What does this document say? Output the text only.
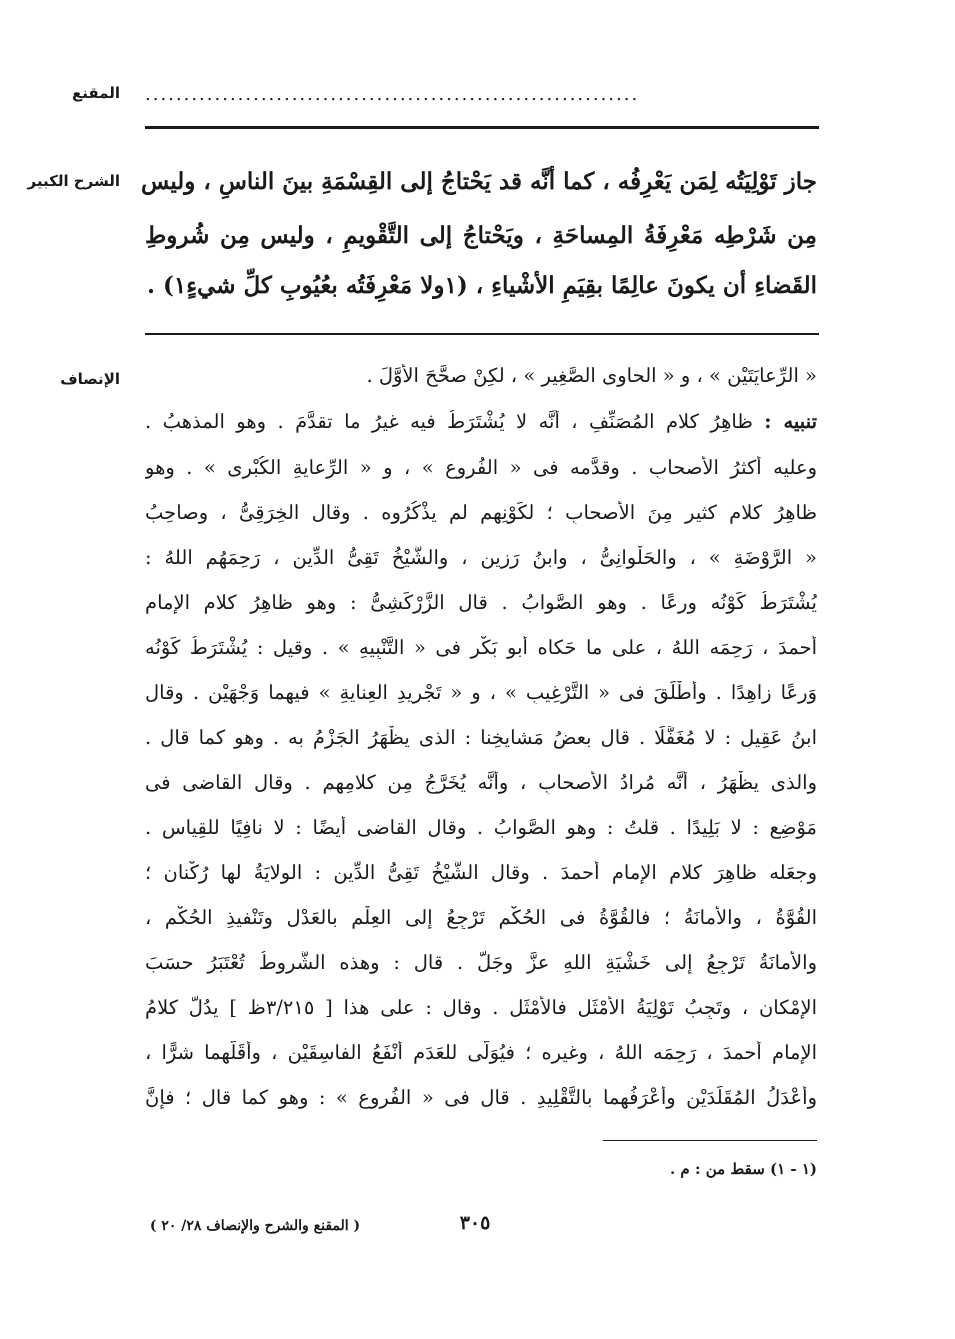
المقنع ................................................................
الشرح الكبير جاز تَوْلِيَتُه لِمَن يَعْرِفُه ، كما أنَّه قد يَحْتاجُ إلى القِسْمَةِ بينَ الناسِ ، وليس
مِن شَرْطِه مَعْرِفَةُ المِساحَةِ ، ويَحْتاجُ إلى التَّقْويمِ ، وليس مِن شُروطِ
القَضاءِ أن يكونَ عالِمًا بقِيَمِ الأشْياءِ ، (١ولا مَعْرِفَتُه بعُيُوبِ كلِّ شيءٍ١) .
الإنصاف	« الرِّعايَتَيْن » ، و « الحاوِى الصَّغِيرِ » ، لكِنْ صحَّحَ الأوَّلَ .
تنبيه : ظاهِرُ كلامِ المُصَنِّفِ ، أنَّه لا يُشْتَرَطُ فيه غيرُ ما تقدَّمَ . وهو المذهبُ .
وعليه أكثرُ الأصحابِ . وقدَّمه فى « الفُروعِ » ، و « الرِّعايةِ الكُبْرى » . وهو
ظاهِرُ كلامِ كثيرٍ مِنَ الأصحابِ ؛ لكَوْنِهم لم يذْكُرُوه . وقال الخِرَقِىُّ ، وصاحِبُ
« الرَّوْضَةِ » ، والحَلْوانِىُّ ، وابنُ رَزِينٍ ، والشَّيْخُ تَقِىُّ الدِّينِ ، رَحِمَهُم اللهُ :
يُشْتَرَطُ كَوْنُه ورِعًا . وهو الصَّوابُ . قال الزَّرْكَشِىُّ : وهو ظاهِرُ كلامِ الإمامِ
أحمدَ ، رَحِمَه اللهُ ، على ما حَكاه أبو بَكْرٍ فى « التَّنْبِيهِ » . وقيل : يُشْتَرَطُ كَوْنُه
وَرِعًا زاهِدًا . وأَطْلَقَ فى « التَّرْغِيبِ » ، و « تَجْريدِ العِنايةِ » فيهما وَجْهَيْن . وقال
ابنُ عَقِيلٍ : لا مُغَفَّلًا . قال بعضُ مَشايخِنا : الذى يظْهَرُ الجَزْمُ به . وهو كما قال .
والذى يظْهَرُ ، أنَّه مُرادُ الأصحابِ ، وأنَّه يُخَرَّجُ مِن كلامِهم . وقال القاضى فى
مَوْضِعٍ : لا بَلِيدًا . قلتُ : وهو الصَّوابُ . وقال القاضى أيضًا : لا نافِيًا للقِياسِ .
وجعَله ظاهِرَ كلامِ الإمامِ أحمدَ . وقال الشَّيْخُ تَقِىُّ الدِّينِ : الوِلايَةُ لها رُكْنان ؛
القُوَّةُ ، والأمانَةُ ؛ فالقُوَّةُ فى الحُكْمِ تَرْجِعُ إلى العِلْمِ بالعَدْلِ وتَنْفيذِ الحُكْمِ ،
والأمانَةُ تَرْجِعُ إلى خَشْيَةِ اللهِ عزَّ وجَلَّ . قال : وهذه الشُّروطُ تُعْتَبَرُ حسَبَ
الإمْكانِ ، وتَجِبُ تَوْلِيَةُ الأمْثَلِ فالأمْثَلِ . وقال : على هذا [ ٣/٢١٥ظ ] يدُلُّ كلامُ
الإمامِ أحمدَ ، رَحِمَه اللهُ ، وغيرِه ؛ فيُوَلَّى للعَدَمِ أنْفَعُ الفاسِقَيْن ، وأقَلُّهما شرًّا ،
وأعْدَلُ المُقَلِّدَيْن وأعْرَفُهما بالتَّقْلِيدِ . قال فى « الفُروعِ » : وهو كما قال ؛ فإنَّ
(١ - ١) سقط من : م .
( المقنع والشرح والإنصاف ٢٨/ ٢٠ )	٣٠٥
